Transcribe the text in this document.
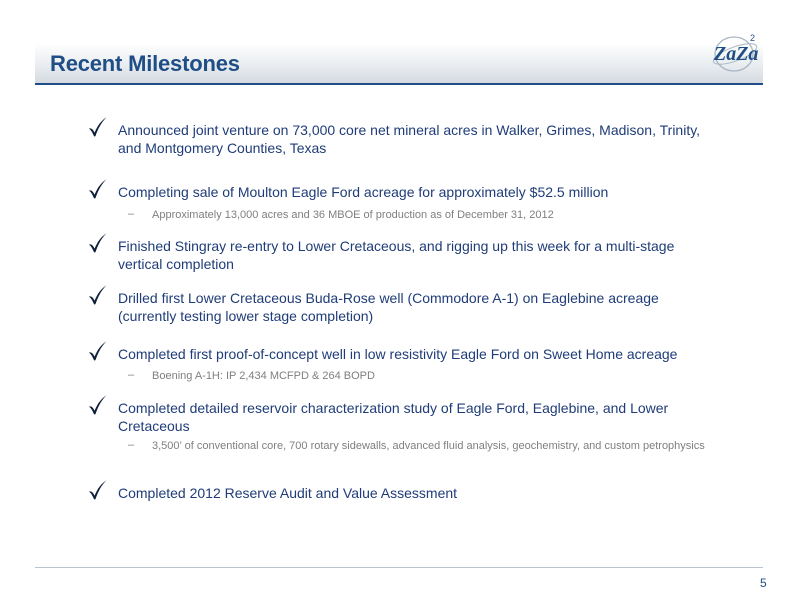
Recent Milestones	ZaZa
2
Announced joint venture on 73,000 core net mineral acres in Walker, Grimes, Madison, Trinity, and Montgomery Counties, Texas
Completing sale of Moulton Eagle Ford acreage for approximately $52.5 million
– Approximately 13,000 acres and 36 MBOE of production as of December 31, 2012
Finished Stingray re-entry to Lower Cretaceous, and rigging up this week for a multi-stage vertical completion
Drilled first Lower Cretaceous Buda-Rose well (Commodore A-1) on Eaglebine acreage (currently testing lower stage completion)
Completed first proof-of-concept well in low resistivity Eagle Ford on Sweet Home acreage
– Boening A-1H: IP 2,434 MCFPD & 264 BOPD
Completed detailed reservoir characterization study of Eagle Ford, Eaglebine, and Lower Cretaceous
– 3,500’ of conventional core, 700 rotary sidewalls, advanced fluid analysis, geochemistry, and custom petrophysics
Completed 2012 Reserve Audit and Value Assessment
5
